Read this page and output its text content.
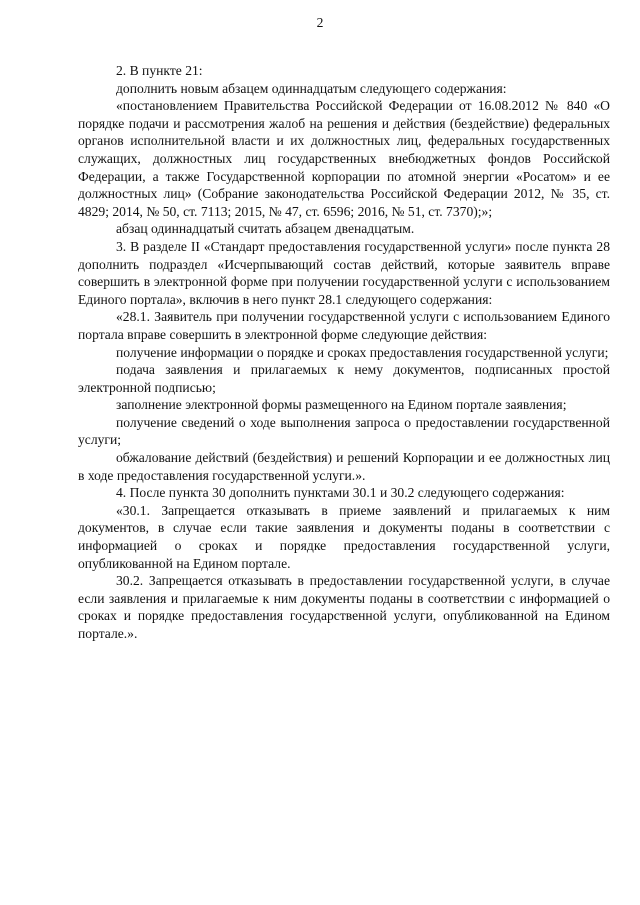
2

2. В пункте 21:

дополнить новым абзацем одиннадцатым следующего содержания:

«постановлением Правительства Российской Федерации от 16.08.2012 № 840 «О порядке подачи и рассмотрения жалоб на решения и действия (бездействие) федеральных органов исполнительной власти и их должностных лиц, федеральных государственных служащих, должностных лиц государственных внебюджетных фондов Российской Федерации, а также Государственной корпорации по атомной энергии «Росатом» и ее должностных лиц» (Собрание законодательства Российской Федерации 2012, № 35, ст. 4829; 2014, № 50, ст. 7113; 2015, № 47, ст. 6596; 2016, № 51, ст. 7370);»;

абзац одиннадцатый считать абзацем двенадцатым.

3. В разделе II «Стандарт предоставления государственной услуги» после пункта 28 дополнить подраздел «Исчерпывающий состав действий, которые заявитель вправе совершить в электронной форме при получении государственной услуги с использованием Единого портала», включив в него пункт 28.1 следующего содержания:

«28.1. Заявитель при получении государственной услуги с использованием Единого портала вправе совершить в электронной форме следующие действия:

получение информации о порядке и сроках предоставления государственной услуги;

подача заявления и прилагаемых к нему документов, подписанных простой электронной подписью;

заполнение электронной формы размещенного на Едином портале заявления;

получение сведений о ходе выполнения запроса о предоставлении государственной услуги;

обжалование действий (бездействия) и решений Корпорации и ее должностных лиц в ходе предоставления государственной услуги.».

4. После пункта 30 дополнить пунктами 30.1 и 30.2 следующего содержания:

«30.1. Запрещается отказывать в приеме заявлений и прилагаемых к ним документов, в случае если такие заявления и документы поданы в соответствии с информацией о сроках и порядке предоставления государственной услуги, опубликованной на Едином портале.

30.2. Запрещается отказывать в предоставлении государственной услуги, в случае если заявления и прилагаемые к ним документы поданы в соответствии с информацией о сроках и порядке предоставления государственной услуги, опубликованной на Едином портале.».
